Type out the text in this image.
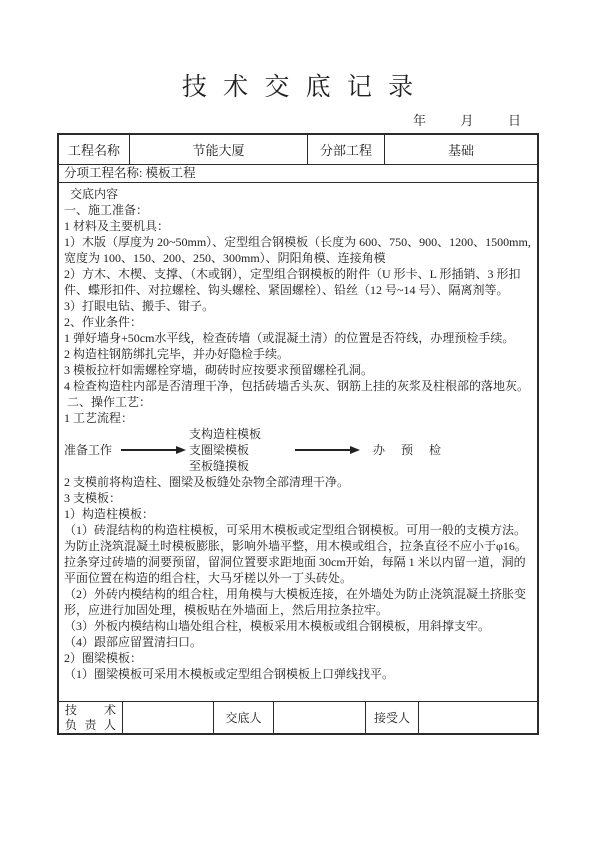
技 术 交 底 记 录
年	月	日
工程名称	节能大厦	分部工程	基础
分项工程名称: 模板工程
交底内容
一、施工准备：
1 材料及主要机具：
1）木版（厚度为 20~50mm）、定型组合钢模板（长度为 600、750、900、1200、1500mm,
宽度为 100、150、200、250、300mm）、阴阳角模、连接角模
2）方木、木楔、支撑、（木或钢），定型组合钢模板的附件（U 形卡、L 形插销、3 形扣
件、蝶形扣件、对拉螺栓、钩头螺栓、紧固螺栓）、铅丝（12 号~14 号）、隔离剂等。
3）打眼电钻、搬手、钳子。
2、作业条件：
1 弹好墙身+50cm水平线，检查砖墙（或混凝土清）的位置是否符线，办理预检手续。
2 构造柱钢筋绑扎完毕，并办好隐检手续。
3 模板拉杆如需螺栓穿墙，砌砖时应按要求预留螺栓孔洞。
4 检查构造柱内部是否清理干净，包括砖墙舌头灰、钢筋上挂的灰浆及柱根部的落地灰。
二、操作工艺：
1 工艺流程：
准备工作
支构造柱模板
支圈梁模板
至板缝摸板
办　预　检
2 支模前将构造柱、圈梁及板缝处杂物全部清理干净。
3 支模板：
1）构造柱模板：
（1）砖混结构的构造柱模板，可采用木模板或定型组合钢模板。可用一般的支模方法。
为防止浇筑混凝土时模板膨胀，影响外墙平整，用木模或组合，拉条直径不应小于φ16。
拉条穿过砖墙的洞要预留，留洞位置要求距地面 30cm开始，每隔 1 米以内留一道，洞的
平面位置在构造的组合柱，大马牙槎以外一丁头砖处。
（2）外砖内模结构的组合柱，用角模与大模板连接，在外墙处为防止浇筑混凝土挤胀变
形，应进行加固处理，模板贴在外墙面上，然后用拉条拉牢。
（3）外板内模结构山墙处组合柱，模板采用木模板或组合钢模板，用斜撑支牢。
（4）跟部应留置清扫口。
2）圈梁模板：
（1）圈梁模板可采用木模板或定型组合钢模板上口弹线找平。
技 术
负 责 人	交底人	接受人
